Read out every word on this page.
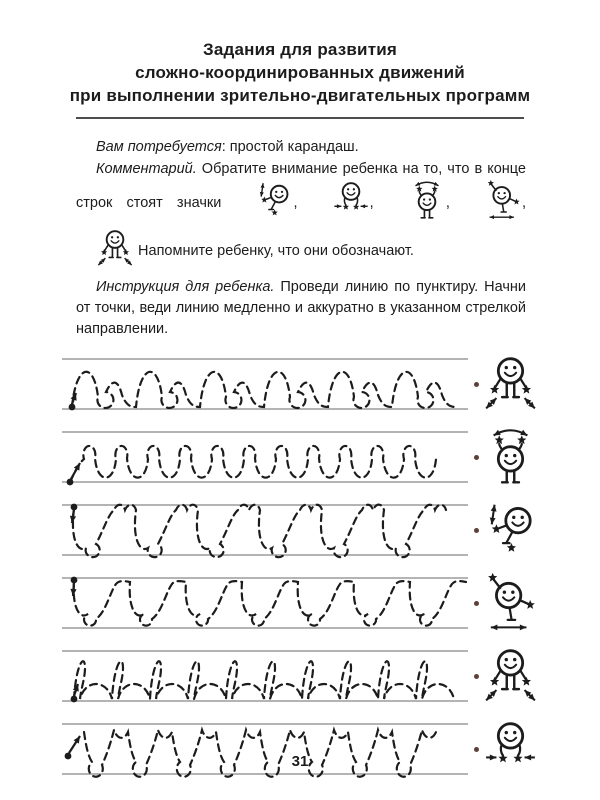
Задания для развития
сложно-координированных движений
при выполнении зрительно-двигательных программ

Вам потребуется: простой карандаш.

Комментарий. Обратите внимание ребенка на то, что в конце строк стоят значки	,	,	,	,  Напомните ребенку, что они обозначают.

Инструкция для ребенка. Проведи линию по пунктиру. Начни от точки, веди линию медленно и аккуратно в указанном стрелкой направлении.

31
